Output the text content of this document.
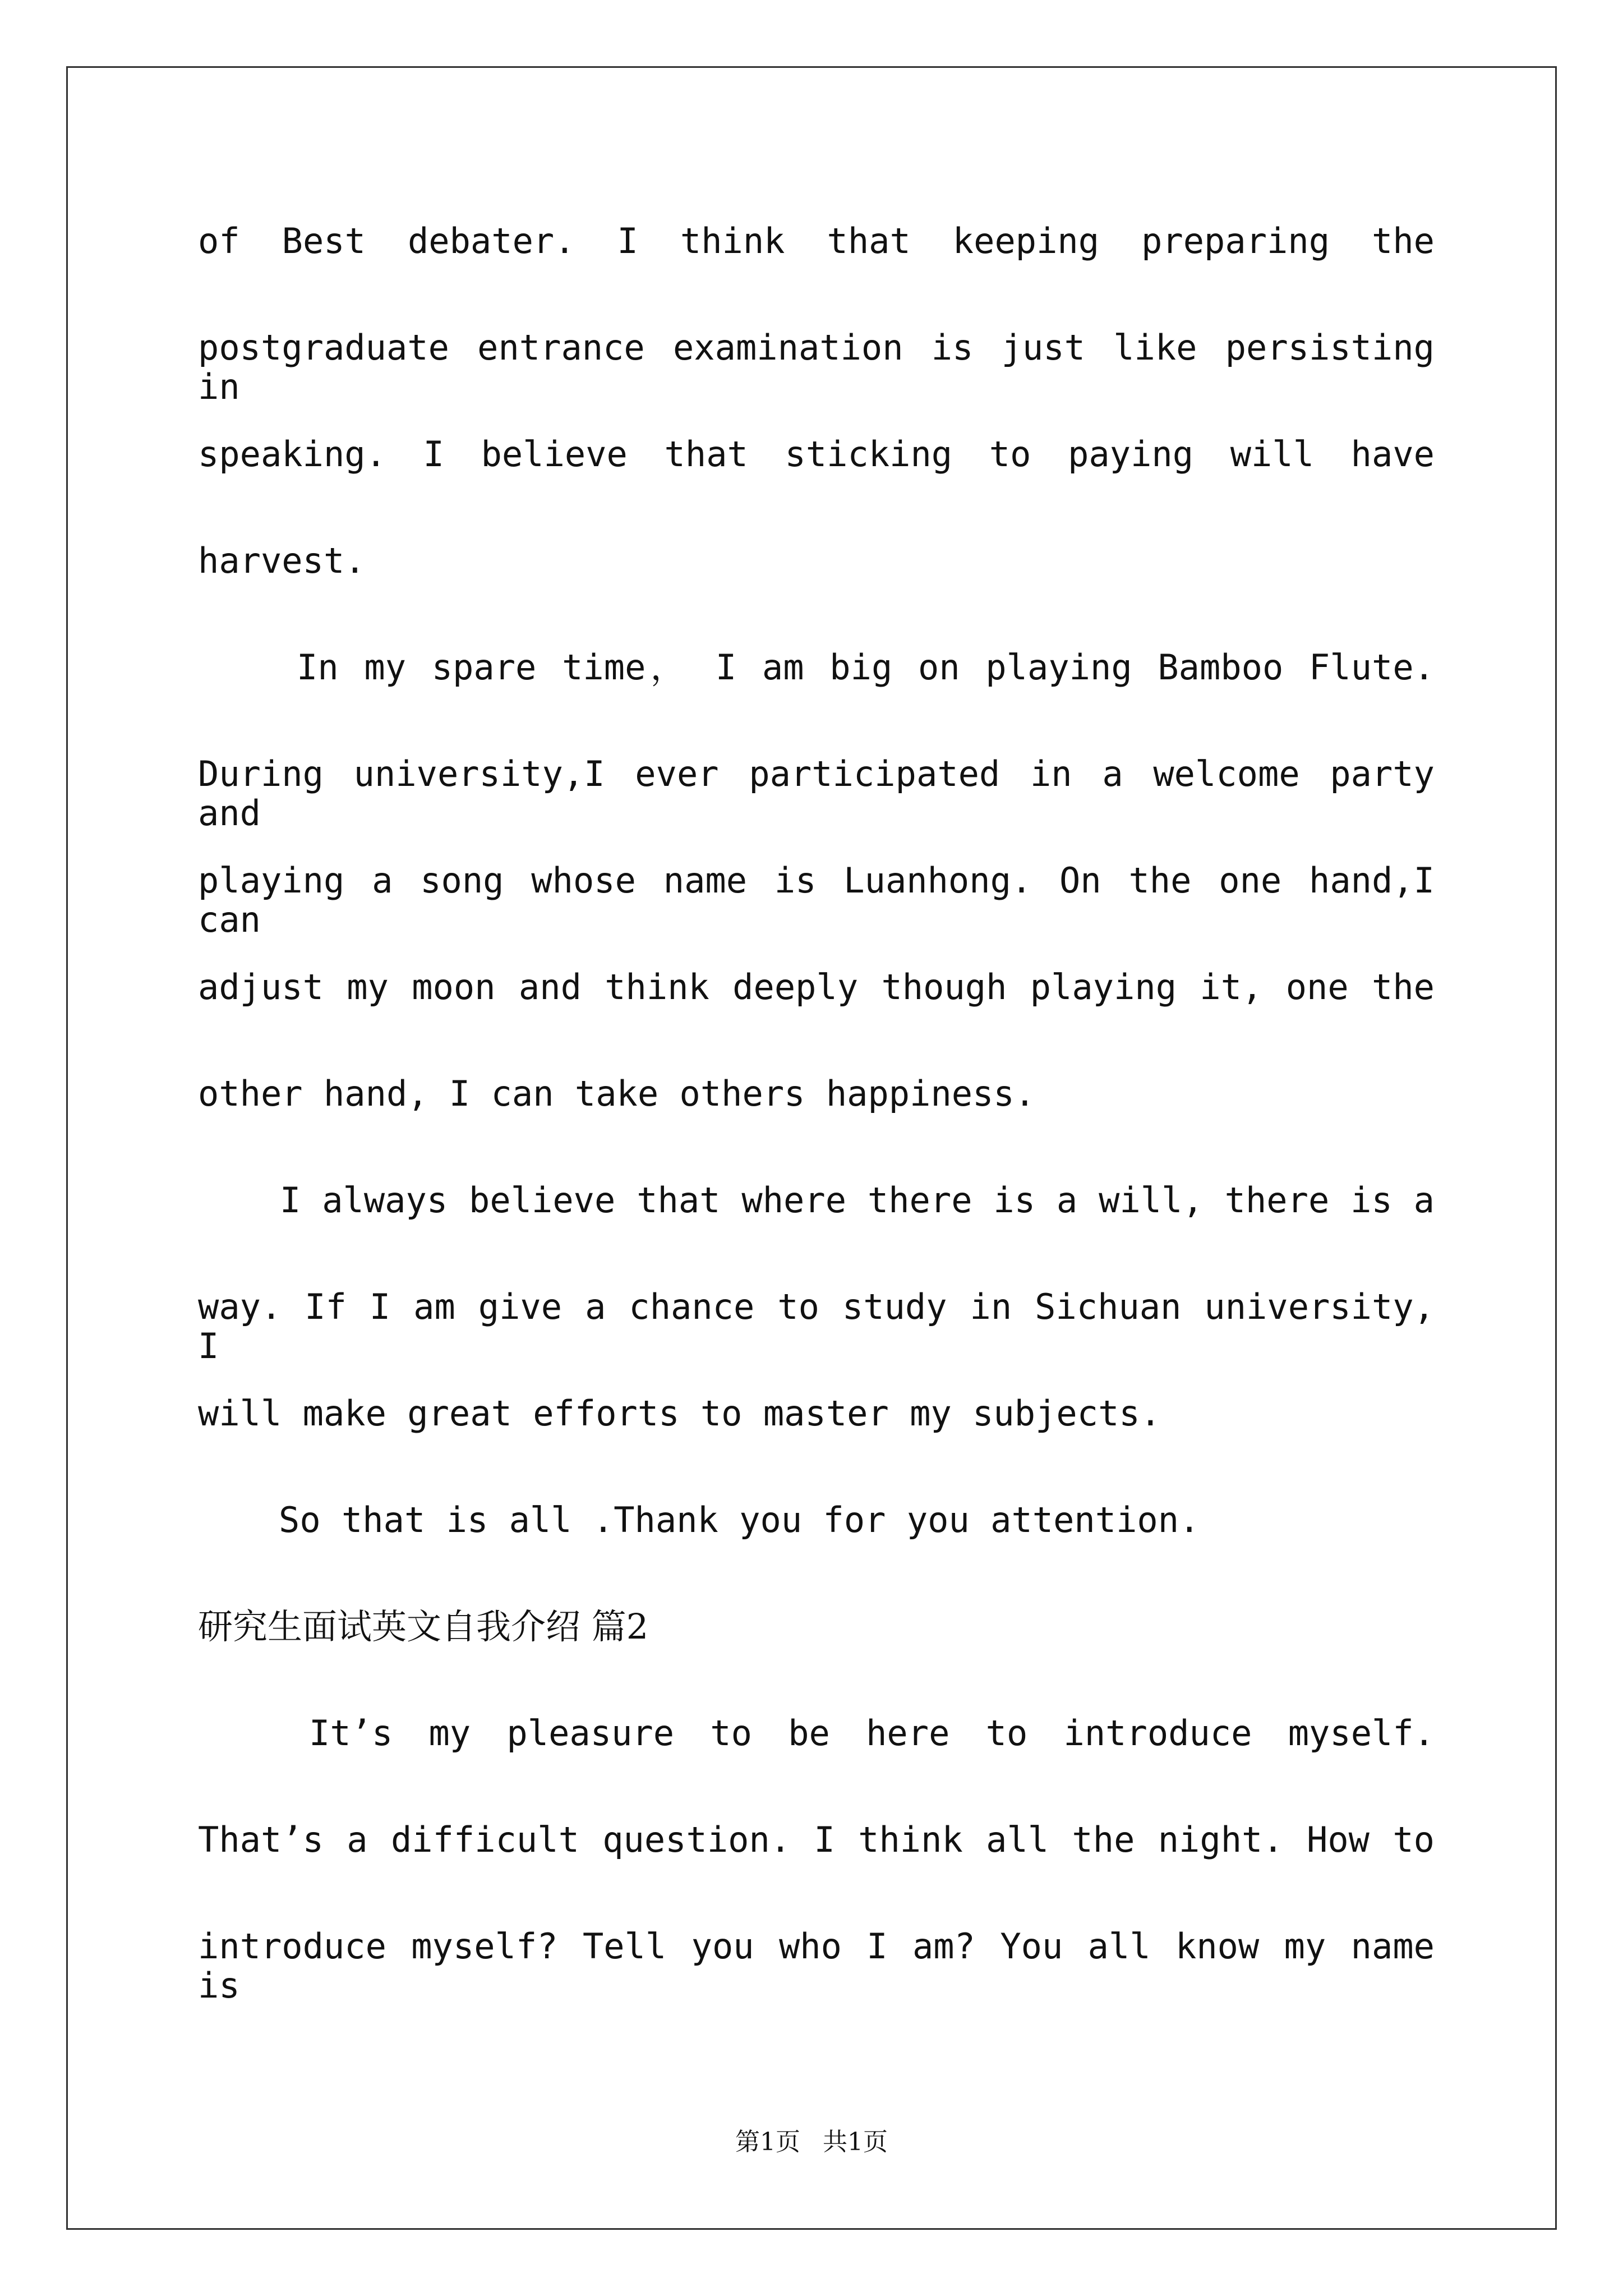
of Best debater. I think that keeping preparing the
postgraduate entrance examination is just like persisting in
speaking. I believe that sticking to paying will have
harvest.
In my spare time， I am big on playing Bamboo Flute.
During university,I ever participated in a welcome party and
playing a song whose name is Luanhong. On the one hand,I can
adjust my moon and think deeply though playing it, one the
other hand, I can take others happiness.
I always believe that where there is a will, there is a
way. If I am give a chance to study in Sichuan university, I
will make great efforts to master my subjects.
So that is all .Thank you for you attention.
研究生面试英文自我介绍 篇2
It’s my pleasure to be here to introduce myself.
That’s a difficult question. I think all the night. How to
introduce myself? Tell you who I am? You all know my name is
第1页 共1页
